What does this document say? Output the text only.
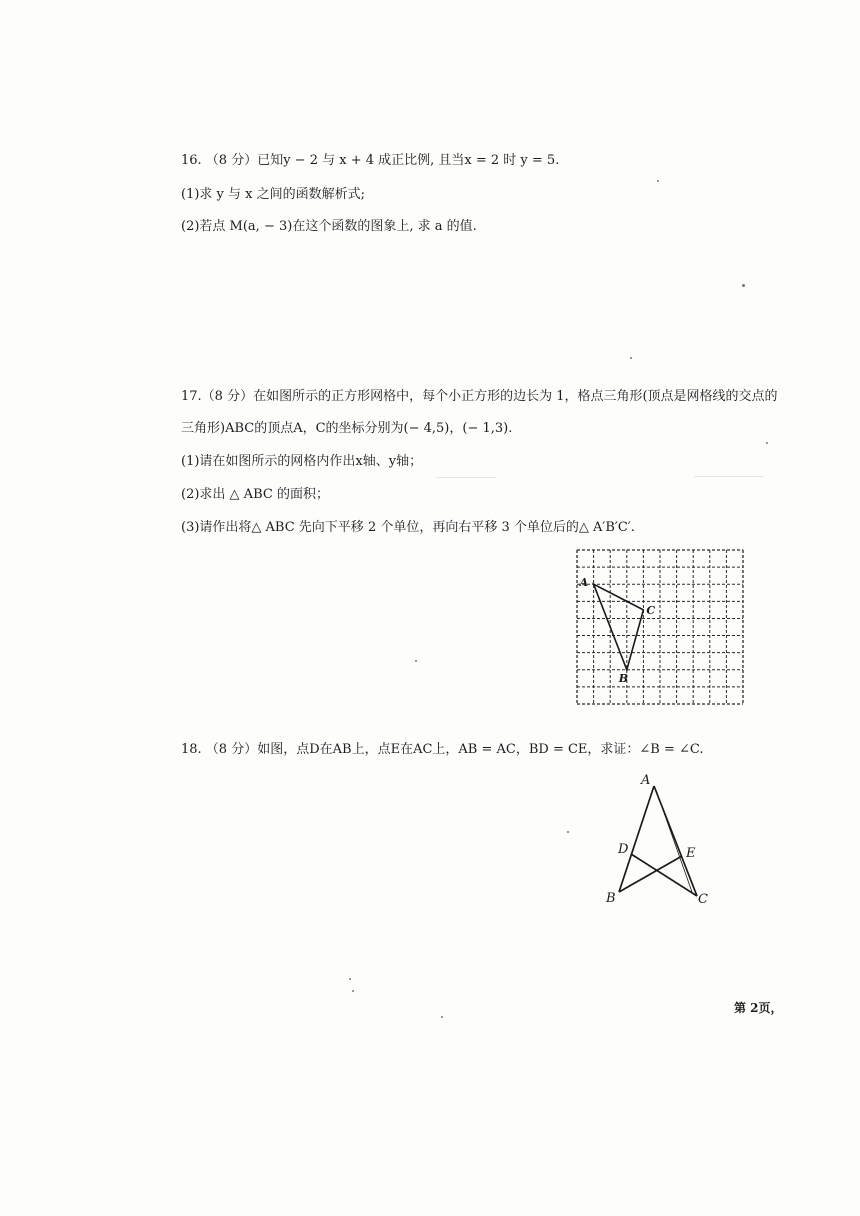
16. （8 分）已知y − 2 与 x + 4 成正比例, 且当x = 2 时 y = 5.
(1)求 y 与 x 之间的函数解析式;
(2)若点 M(a, − 3)在这个函数的图象上, 求 a 的值.
17.（8 分）在如图所示的正方形网格中，每个小正方形的边长为 1，格点三角形(顶点是网格线的交点的
三角形)ABC的顶点A，C的坐标分别为(− 4,5)，(− 1,3).
(1)请在如图所示的网格内作出x轴、y轴；
(2)求出 △ ABC 的面积；
(3)请作出将△ ABC 先向下平移 2 个单位，再向右平移 3 个单位后的△ A′B′C′.
A
B
C
18. （8 分）如图，点D在AB上，点E在AC上，AB = AC，BD = CE，求证：∠B = ∠C.
A
D	E
B	C
第 2页，
